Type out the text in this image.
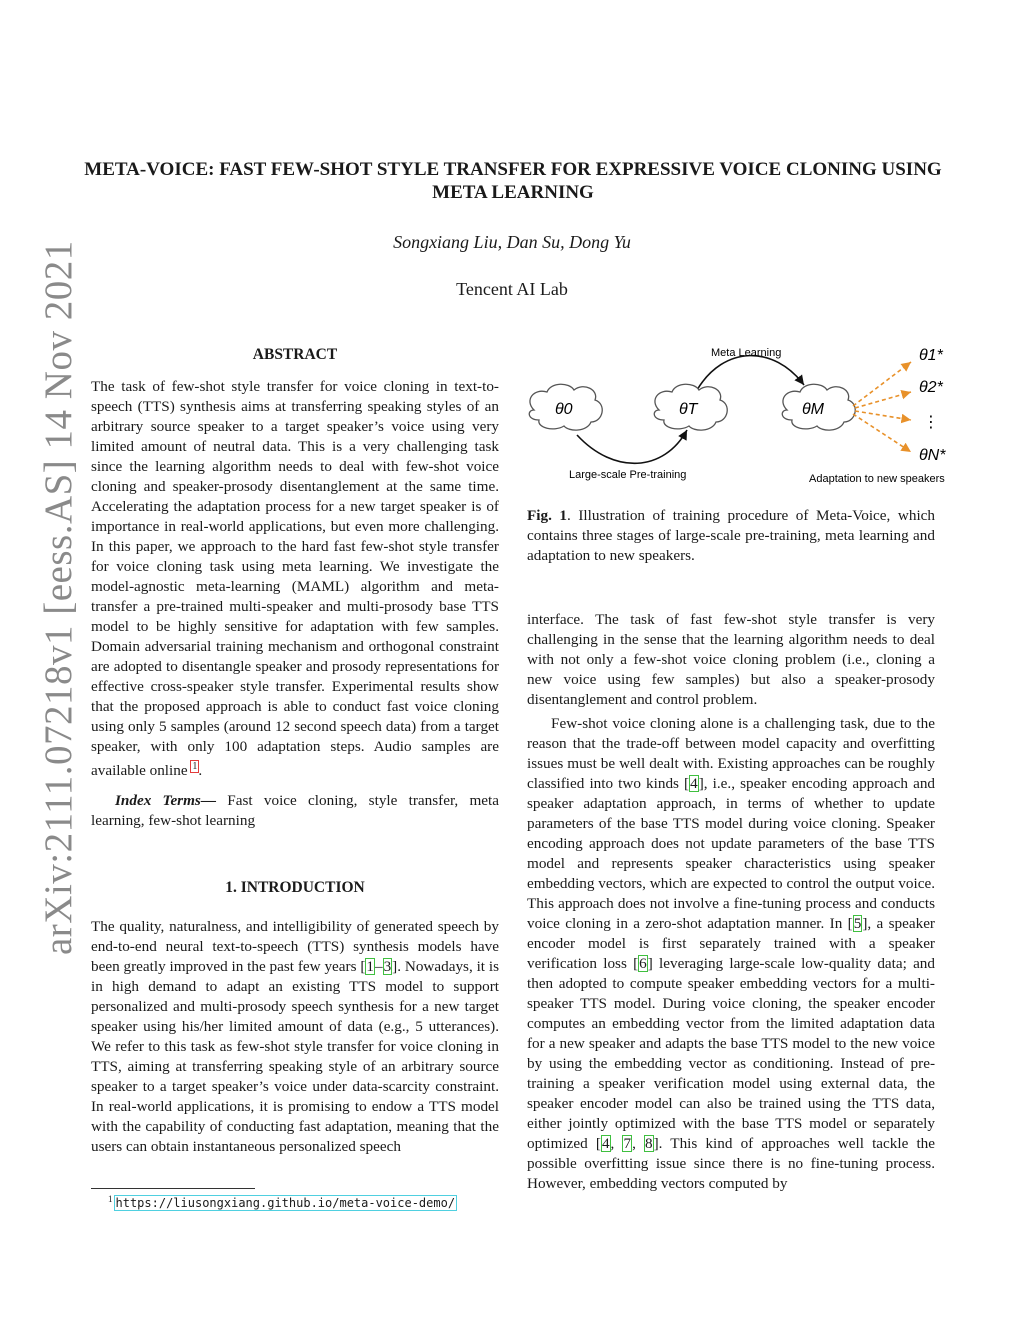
arXiv:2111.07218v1 [eess.AS] 14 Nov 2021
META-VOICE: FAST FEW-SHOT STYLE TRANSFER FOR EXPRESSIVE VOICE CLONING USING META LEARNING
Songxiang Liu, Dan Su, Dong Yu
Tencent AI Lab
ABSTRACT

The task of few-shot style transfer for voice cloning in text-to-speech (TTS) synthesis aims at transferring speaking styles of an arbitrary source speaker to a target speaker’s voice using very limited amount of neutral data. This is a very challenging task since the learning algorithm needs to deal with few-shot voice cloning and speaker-prosody disentanglement at the same time. Accelerating the adaptation process for a new target speaker is of importance in real-world applications, but even more challenging. In this paper, we approach to the hard fast few-shot style transfer for voice cloning task using meta learning. We investigate the model-agnostic meta-learning (MAML) algorithm and meta-transfer a pre-trained multi-speaker and multi-prosody base TTS model to be highly sensitive for adaptation with few samples. Domain adversarial training mechanism and orthogonal constraint are adopted to disentangle speaker and prosody representations for effective cross-speaker style transfer. Experimental results show that the proposed approach is able to conduct fast voice cloning using only 5 samples (around 12 second speech data) from a target speaker, with only 100 adaptation steps. Audio samples are available online $^1$.

Index Terms— Fast voice cloning, style transfer, meta learning, few-shot learning

1. INTRODUCTION

The quality, naturalness, and intelligibility of generated speech by end-to-end neural text-to-speech (TTS) synthesis models have been greatly improved in the past few years [1–3]. Nowadays, it is in high demand to adapt an existing TTS model to support personalized and multi-prosody speech synthesis for a new target speaker using his/her limited amount of data (e.g., 5 utterances). We refer to this task as few-shot style transfer for voice cloning in TTS, aiming at transferring speaking style of an arbitrary source speaker to a target speaker’s voice under data-scarcity constraint. In real-world applications, it is promising to endow a TTS model with the capability of conducting fast adaptation, meaning that the users can obtain instantaneous personalized speech

$^1$ https://liusongxiang.github.io/meta-voice-demo/
Meta Learning
Large-scale Pre-training
θ0	θT	θM
θ1*
θ2*
⋮
θN*
Adaptation to new speakers

Fig. 1. Illustration of training procedure of Meta-Voice, which contains three stages of large-scale pre-training, meta learning and adaptation to new speakers.

interface. The task of fast few-shot style transfer is very challenging in the sense that the learning algorithm needs to deal with not only a few-shot voice cloning problem (i.e., cloning a new voice using few samples) but also a speaker-prosody disentanglement and control problem.

Few-shot voice cloning alone is a challenging task, due to the reason that the trade-off between model capacity and overfitting issues must be well dealt with. Existing approaches can be roughly classified into two kinds [4], i.e., speaker encoding approach and speaker adaptation approach, in terms of whether to update parameters of the base TTS model during voice cloning. Speaker encoding approach does not update parameters of the base TTS model and represents speaker characteristics using speaker embedding vectors, which are expected to control the output voice. This approach does not involve a fine-tuning process and conducts voice cloning in a zero-shot adaptation manner. In [5], a speaker encoder model is first separately trained with a speaker verification loss [6] leveraging large-scale low-quality data; and then adopted to compute speaker embedding vectors for a multi-speaker TTS model. During voice cloning, the speaker encoder computes an embedding vector from the limited adaptation data for a new speaker and adapts the base TTS model to the new voice by using the embedding vector as conditioning. Instead of pre-training a speaker verification model using external data, the speaker encoder model can also be trained using the TTS data, either jointly optimized with the base TTS model or separately optimized [4, 7, 8]. This kind of approaches well tackle the possible overfitting issue since there is no fine-tuning process. However, embedding vectors computed by
